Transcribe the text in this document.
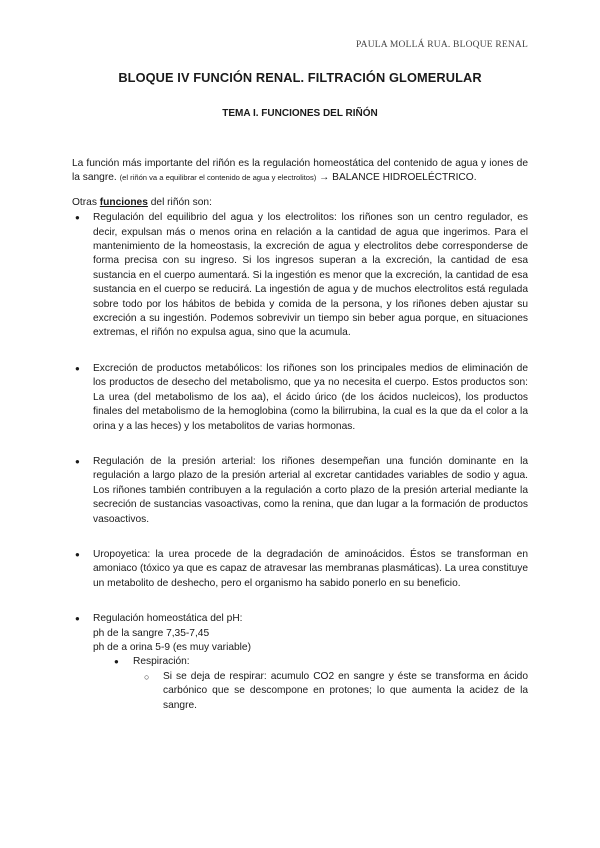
PAULA MOLLÁ RUA. BLOQUE RENAL
BLOQUE IV FUNCIÓN RENAL. FILTRACIÓN GLOMERULAR
TEMA I. FUNCIONES DEL RIÑÓN

La función más importante del riñón es la regulación homeostática del contenido de agua y iones de la sangre. (el riñón va a equilibrar el contenido de agua y electrolitos) → BALANCE HIDROELÉCTRICO.

Otras funciones del riñón son:

● Regulación del equilibrio del agua y los electrolitos: los riñones son un centro regulador, es decir, expulsan más o menos orina en relación a la cantidad de agua que ingerimos. Para el mantenimiento de la homeostasis, la excreción de agua y electrolitos debe corresponderse de forma precisa con su ingreso. Si los ingresos superan a la excreción, la cantidad de esa sustancia en el cuerpo aumentará. Si la ingestión es menor que la excreción, la cantidad de esa sustancia en el cuerpo se reducirá. La ingestión de agua y de muchos electrolitos está regulada sobre todo por los hábitos de bebida y comida de la persona, y los riñones deben ajustar su excreción a su ingestión. Podemos sobrevivir un tiempo sin beber agua porque, en situaciones extremas, el riñón no expulsa agua, sino que la acumula.
● Excreción de productos metabólicos: los riñones son los principales medios de eliminación de los productos de desecho del metabolismo, que ya no necesita el cuerpo. Estos productos son: La urea (del metabolismo de los aa), el ácido úrico (de los ácidos nucleicos), los productos finales del metabolismo de la hemoglobina (como la bilirrubina, la cual es la que da el color a la orina y a las heces) y los metabolitos de varias hormonas.
● Regulación de la presión arterial: los riñones desempeñan una función dominante en la regulación a largo plazo de la presión arterial al excretar cantidades variables de sodio y agua. Los riñones también contribuyen a la regulación a corto plazo de la presión arterial mediante la secreción de sustancias vasoactivas, como la renina, que dan lugar a la formación de productos vasoactivos.
● Uropoyetica: la urea procede de la degradación de aminoácidos. Éstos se transforman en amoniaco (tóxico ya que es capaz de atravesar las membranas plasmáticas). La urea constituye un metabolito de deshecho, pero el organismo ha sabido ponerlo en su beneficio.
● Regulación homeostática del pH:
ph de la sangre 7,35-7,45
ph de a orina 5-9 (es muy variable)
● Respiración:
○ Si se deja de respirar: acumulo CO2 en sangre y éste se transforma en ácido carbónico que se descompone en protones; lo que aumenta la acidez de la sangre.
